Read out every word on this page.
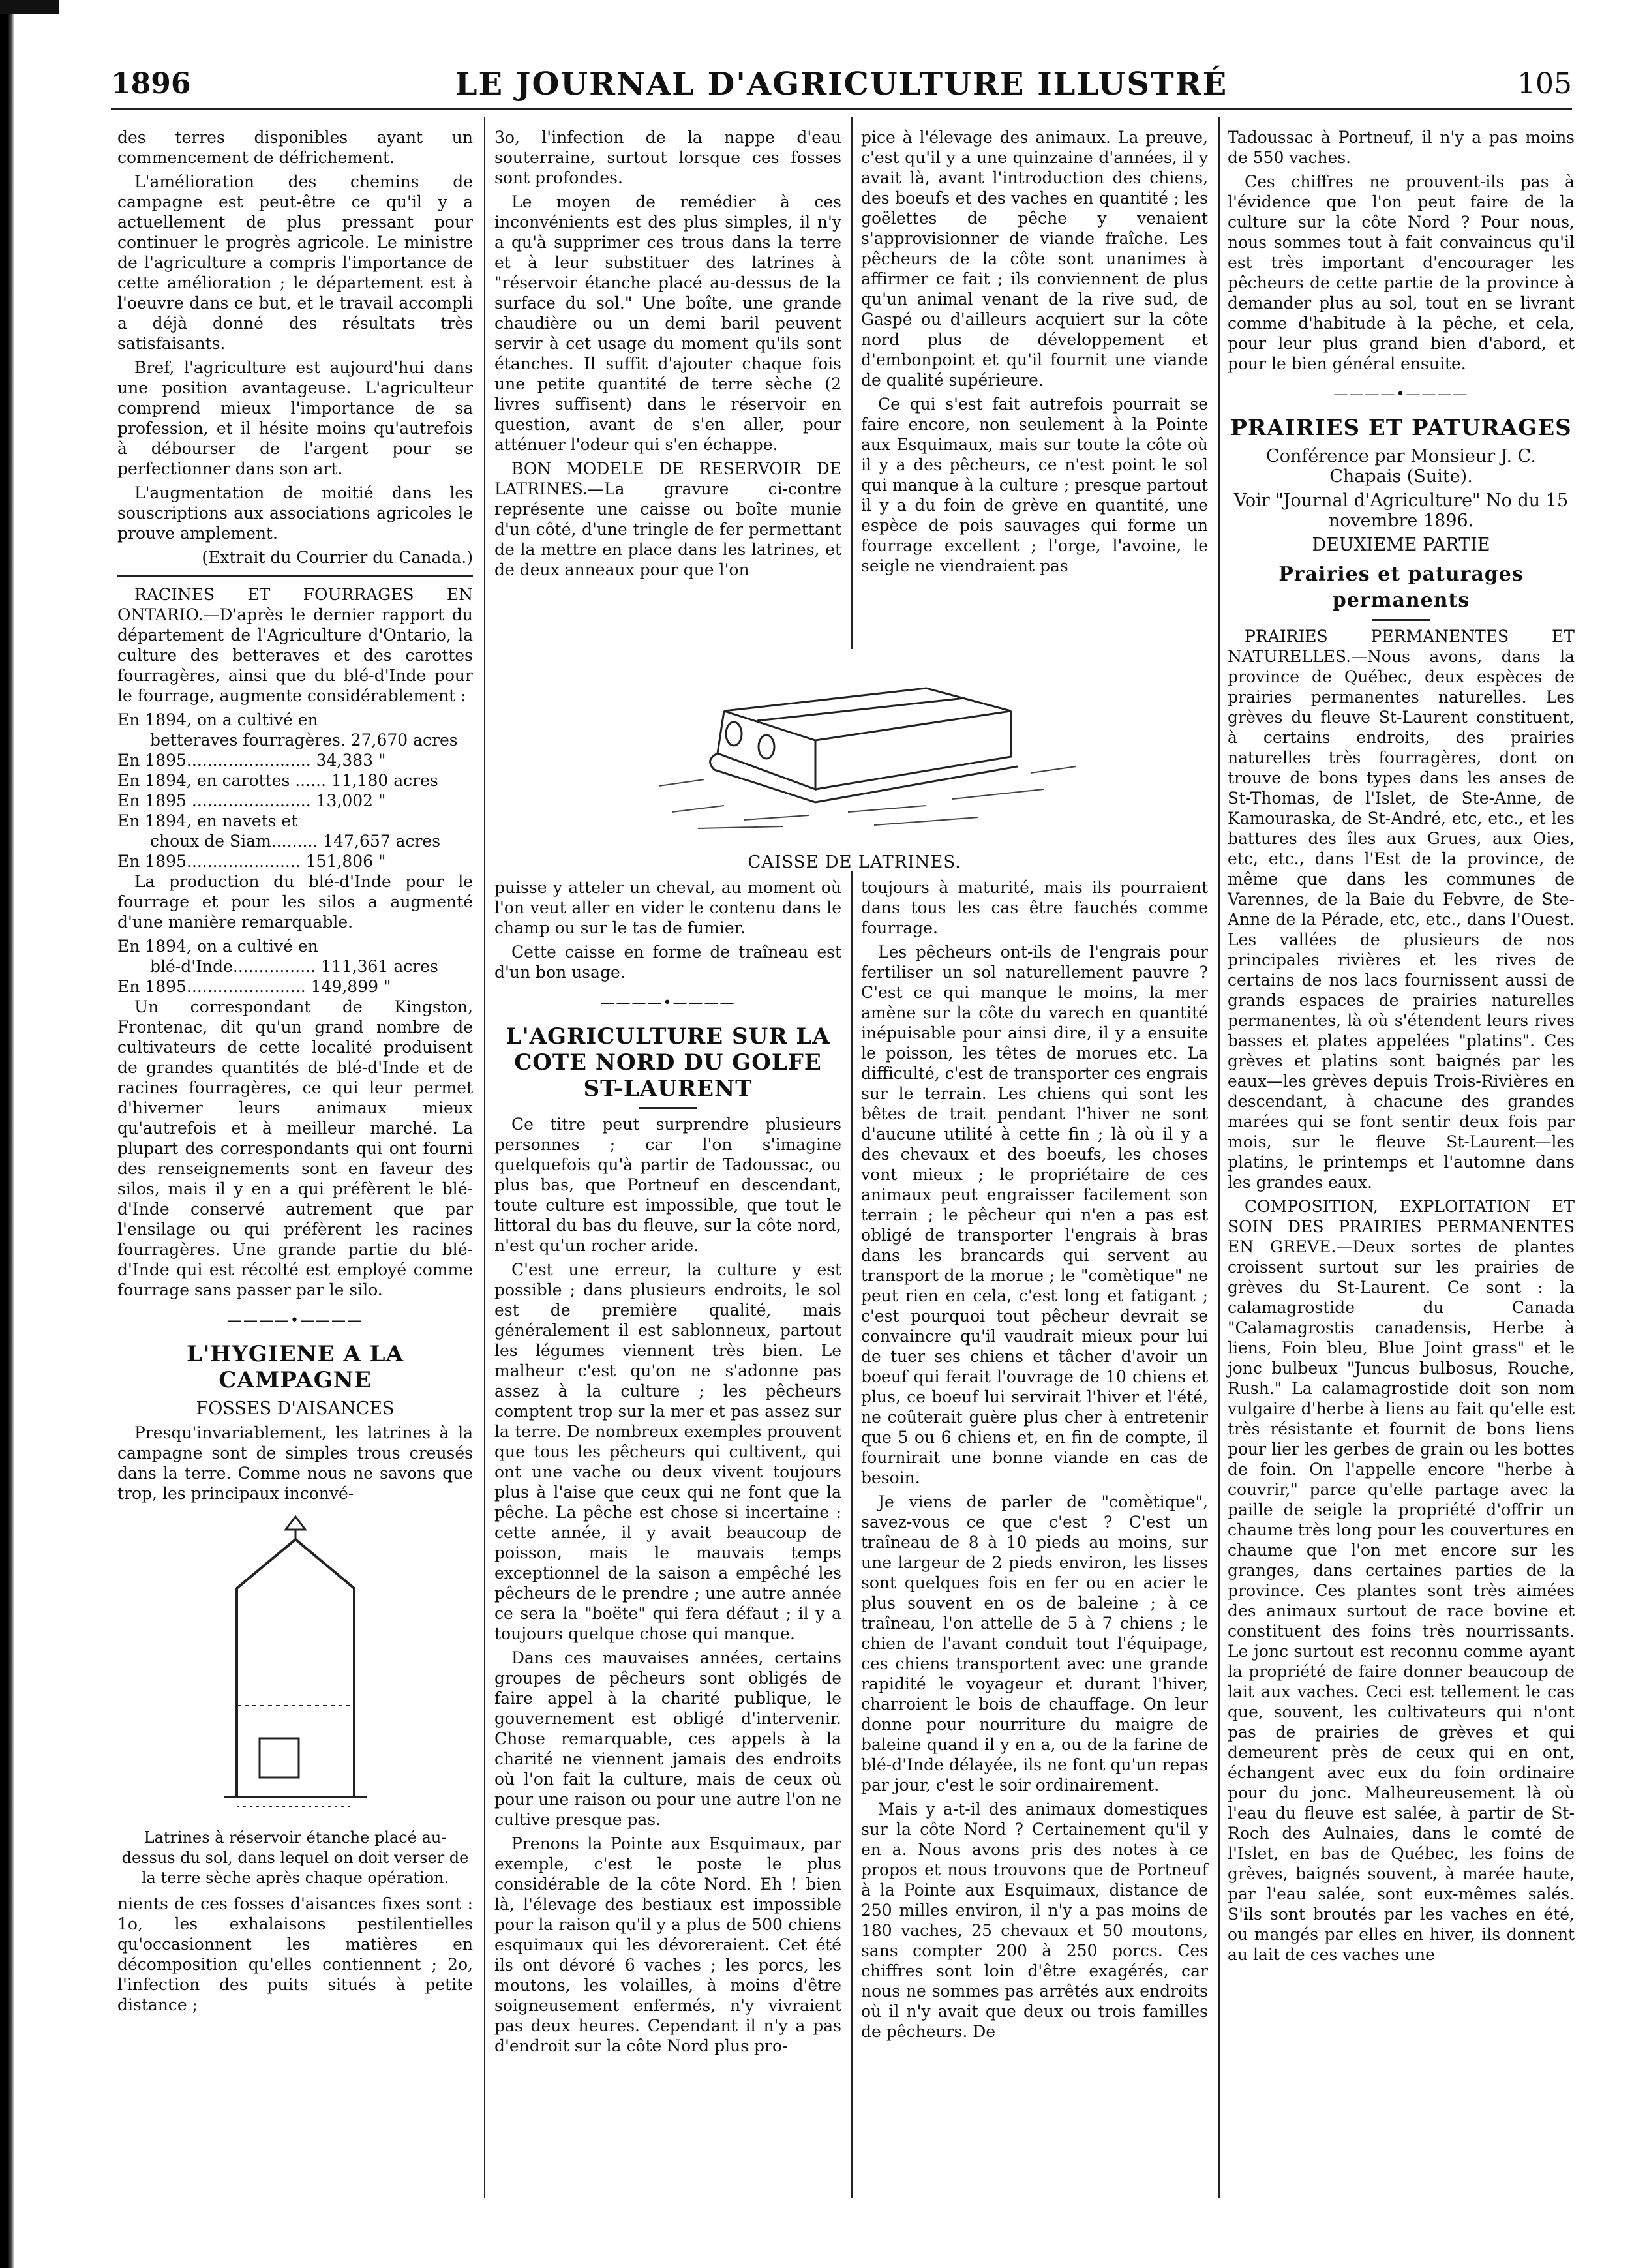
1896	LE JOURNAL D'AGRICULTURE ILLUSTRÉ	105

des terres disponibles ayant un commencement de défrichement.

L'amélioration des chemins de campagne est peut-être ce qu'il y a actuellement de plus pressant pour continuer le progrès agricole. Le ministre de l'agriculture a compris l'importance de cette amélioration ; le département est à l'oeuvre dans ce but, et le travail accompli a déjà donné des résultats très satisfaisants.

Bref, l'agriculture est aujourd'hui dans une position avantageuse. L'agriculteur comprend mieux l'importance de sa profession, et il hésite moins qu'autrefois à débourser de l'argent pour se perfectionner dans son art.

L'augmentation de moitié dans les souscriptions aux associations agricoles le prouve amplement.

(Extrait du Courrier du Canada.)

RACINES ET FOURRAGES EN ONTARIO.—D'après le dernier rapport du département de l'Agriculture d'Ontario, la culture des betteraves et des carottes fourragères, ainsi que du blé-d'Inde pour le fourrage, augmente considérablement :

En 1894, on a cultivé en
betteraves fourragères. 27,670 acres
En 1895........................ 34,383 "
En 1894, en carottes ...... 11,180 acres
En 1895 ....................... 13,002 "
En 1894, en navets et
choux de Siam......... 147,657 acres
En 1895...................... 151,806 "

La production du blé-d'Inde pour le fourrage et pour les silos a augmenté d'une manière remarquable.

En 1894, on a cultivé en
blé-d'Inde................ 111,361 acres
En 1895....................... 149,899 "

Un correspondant de Kingston, Frontenac, dit qu'un grand nombre de cultivateurs de cette localité produisent de grandes quantités de blé-d'Inde et de racines fourragères, ce qui leur permet d'hiverner leurs animaux mieux qu'autrefois et à meilleur marché. La plupart des correspondants qui ont fourni des renseignements sont en faveur des silos, mais il y en a qui préfèrent le blé-d'Inde conservé autrement que par l'ensilage ou qui préfèrent les racines fourragères. Une grande partie du blé-d'Inde qui est récolté est employé comme fourrage sans passer par le silo.

————•————
L'HYGIENE A LA CAMPAGNE
FOSSES D'AISANCES

Presqu'invariablement, les latrines à la campagne sont de simples trous creusés dans la terre. Comme nous ne savons que trop, les principaux inconvé-

Latrines à réservoir étanche placé au-dessus du sol, dans lequel on doit verser de la terre sèche après chaque opération.

nients de ces fosses d'aisances fixes sont : 1o, les exhalaisons pestilentielles qu'occasionnent les matières en décomposition qu'elles contiennent ; 2o, l'infection des puits situés à petite distance ;

3o, l'infection de la nappe d'eau souterraine, surtout lorsque ces fosses sont profondes.

Le moyen de remédier à ces inconvénients est des plus simples, il n'y a qu'à supprimer ces trous dans la terre et à leur substituer des latrines à "réservoir étanche placé au-dessus de la surface du sol." Une boîte, une grande chaudière ou un demi baril peuvent servir à cet usage du moment qu'ils sont étanches. Il suffit d'ajouter chaque fois une petite quantité de terre sèche (2 livres suffisent) dans le réservoir en question, avant de s'en aller, pour atténuer l'odeur qui s'en échappe.

BON MODELE DE RESERVOIR DE LATRINES.—La gravure ci-contre représente une caisse ou boîte munie d'un côté, d'une tringle de fer permettant de la mettre en place dans les latrines, et de deux anneaux pour que l'on

CAISSE DE LATRINES.

puisse y atteler un cheval, au moment où l'on veut aller en vider le contenu dans le champ ou sur le tas de fumier.

Cette caisse en forme de traîneau est d'un bon usage.

————•————
L'AGRICULTURE SUR LA COTE NORD DU GOLFE ST-LAURENT

Ce titre peut surprendre plusieurs personnes ; car l'on s'imagine quelquefois qu'à partir de Tadoussac, ou plus bas, que Portneuf en descendant, toute culture est impossible, que tout le littoral du bas du fleuve, sur la côte nord, n'est qu'un rocher aride.

C'est une erreur, la culture y est possible ; dans plusieurs endroits, le sol est de première qualité, mais généralement il est sablonneux, partout les légumes viennent très bien. Le malheur c'est qu'on ne s'adonne pas assez à la culture ; les pêcheurs comptent trop sur la mer et pas assez sur la terre. De nombreux exemples prouvent que tous les pêcheurs qui cultivent, qui ont une vache ou deux vivent toujours plus à l'aise que ceux qui ne font que la pêche. La pêche est chose si incertaine : cette année, il y avait beaucoup de poisson, mais le mauvais temps exceptionnel de la saison a empêché les pêcheurs de le prendre ; une autre année ce sera la "boëte" qui fera défaut ; il y a toujours quelque chose qui manque.

Dans ces mauvaises années, certains groupes de pêcheurs sont obligés de faire appel à la charité publique, le gouvernement est obligé d'intervenir. Chose remarquable, ces appels à la charité ne viennent jamais des endroits où l'on fait la culture, mais de ceux où pour une raison ou pour une autre l'on ne cultive presque pas.

Prenons la Pointe aux Esquimaux, par exemple, c'est le poste le plus considérable de la côte Nord. Eh ! bien là, l'élevage des bestiaux est impossible pour la raison qu'il y a plus de 500 chiens esquimaux qui les dévoreraient. Cet été ils ont dévoré 6 vaches ; les porcs, les moutons, les volailles, à moins d'être soigneusement enfermés, n'y vivraient pas deux heures. Cependant il n'y a pas d'endroit sur la côte Nord plus pro-

pice à l'élevage des animaux. La preuve, c'est qu'il y a une quinzaine d'années, il y avait là, avant l'introduction des chiens, des boeufs et des vaches en quantité ; les goëlettes de pêche y venaient s'approvisionner de viande fraîche. Les pêcheurs de la côte sont unanimes à affirmer ce fait ; ils conviennent de plus qu'un animal venant de la rive sud, de Gaspé ou d'ailleurs acquiert sur la côte nord plus de développement et d'embonpoint et qu'il fournit une viande de qualité supérieure.

Ce qui s'est fait autrefois pourrait se faire encore, non seulement à la Pointe aux Esquimaux, mais sur toute la côte où il y a des pêcheurs, ce n'est point le sol qui manque à la culture ; presque partout il y a du foin de grève en quantité, une espèce de pois sauvages qui forme un fourrage excellent ; l'orge, l'avoine, le seigle ne viendraient pas

toujours à maturité, mais ils pourraient dans tous les cas être fauchés comme fourrage.

Les pêcheurs ont-ils de l'engrais pour fertiliser un sol naturellement pauvre ? C'est ce qui manque le moins, la mer amène sur la côte du varech en quantité inépuisable pour ainsi dire, il y a ensuite le poisson, les têtes de morues etc. La difficulté, c'est de transporter ces engrais sur le terrain. Les chiens qui sont les bêtes de trait pendant l'hiver ne sont d'aucune utilité à cette fin ; là où il y a des chevaux et des boeufs, les choses vont mieux ; le propriétaire de ces animaux peut engraisser facilement son terrain ; le pêcheur qui n'en a pas est obligé de transporter l'engrais à bras dans les brancards qui servent au transport de la morue ; le "comètique" ne peut rien en cela, c'est long et fatigant ; c'est pourquoi tout pêcheur devrait se convaincre qu'il vaudrait mieux pour lui de tuer ses chiens et tâcher d'avoir un boeuf qui ferait l'ouvrage de 10 chiens et plus, ce boeuf lui servirait l'hiver et l'été, ne coûterait guère plus cher à entretenir que 5 ou 6 chiens et, en fin de compte, il fournirait une bonne viande en cas de besoin.

Je viens de parler de "comètique", savez-vous ce que c'est ? C'est un traîneau de 8 à 10 pieds au moins, sur une largeur de 2 pieds environ, les lisses sont quelques fois en fer ou en acier le plus souvent en os de baleine ; à ce traîneau, l'on attelle de 5 à 7 chiens ; le chien de l'avant conduit tout l'équipage, ces chiens transportent avec une grande rapidité le voyageur et durant l'hiver, charroient le bois de chauffage. On leur donne pour nourriture du maigre de baleine quand il y en a, ou de la farine de blé-d'Inde délayée, ils ne font qu'un repas par jour, c'est le soir ordinairement.

Mais y a-t-il des animaux domestiques sur la côte Nord ? Certainement qu'il y en a. Nous avons pris des notes à ce propos et nous trouvons que de Portneuf à la Pointe aux Esquimaux, distance de 250 milles environ, il n'y a pas moins de 180 vaches, 25 chevaux et 50 moutons, sans compter 200 à 250 porcs. Ces chiffres sont loin d'être exagérés, car nous ne sommes pas arrêtés aux endroits où il n'y avait que deux ou trois familles de pêcheurs. De

Tadoussac à Portneuf, il n'y a pas moins de 550 vaches.

Ces chiffres ne prouvent-ils pas à l'évidence que l'on peut faire de la culture sur la côte Nord ? Pour nous, nous sommes tout à fait convaincus qu'il est très important d'encourager les pêcheurs de cette partie de la province à demander plus au sol, tout en se livrant comme d'habitude à la pêche, et cela, pour leur plus grand bien d'abord, et pour le bien général ensuite.

————•————
PRAIRIES ET PATURAGES
Conférence par Monsieur J. C. Chapais (Suite).
Voir "Journal d'Agriculture" No du 15 novembre 1896.
DEUXIEME PARTIE
Prairies et paturages permanents

PRAIRIES PERMANENTES ET NATURELLES.—Nous avons, dans la province de Québec, deux espèces de prairies permanentes naturelles. Les grèves du fleuve St-Laurent constituent, à certains endroits, des prairies naturelles très fourragères, dont on trouve de bons types dans les anses de St-Thomas, de l'Islet, de Ste-Anne, de Kamouraska, de St-André, etc, etc., et les battures des îles aux Grues, aux Oies, etc, etc., dans l'Est de la province, de même que dans les communes de Varennes, de la Baie du Febvre, de Ste-Anne de la Pérade, etc, etc., dans l'Ouest. Les vallées de plusieurs de nos principales rivières et les rives de certains de nos lacs fournissent aussi de grands espaces de prairies naturelles permanentes, là où s'étendent leurs rives basses et plates appelées "platins". Ces grèves et platins sont baignés par les eaux—les grèves depuis Trois-Rivières en descendant, à chacune des grandes marées qui se font sentir deux fois par mois, sur le fleuve St-Laurent—les platins, le printemps et l'automne dans les grandes eaux.

COMPOSITION, EXPLOITATION ET SOIN DES PRAIRIES PERMANENTES EN GREVE.—Deux sortes de plantes croissent surtout sur les prairies de grèves du St-Laurent. Ce sont : la calamagrostide du Canada "Calamagrostis canadensis, Herbe à liens, Foin bleu, Blue Joint grass" et le jonc bulbeux "Juncus bulbosus, Rouche, Rush." La calamagrostide doit son nom vulgaire d'herbe à liens au fait qu'elle est très résistante et fournit de bons liens pour lier les gerbes de grain ou les bottes de foin. On l'appelle encore "herbe à couvrir," parce qu'elle partage avec la paille de seigle la propriété d'offrir un chaume très long pour les couvertures en chaume que l'on met encore sur les granges, dans certaines parties de la province. Ces plantes sont très aimées des animaux surtout de race bovine et constituent des foins très nourrissants. Le jonc surtout est reconnu comme ayant la propriété de faire donner beaucoup de lait aux vaches. Ceci est tellement le cas que, souvent, les cultivateurs qui n'ont pas de prairies de grèves et qui demeurent près de ceux qui en ont, échangent avec eux du foin ordinaire pour du jonc. Malheureusement là où l'eau du fleuve est salée, à partir de St-Roch des Aulnaies, dans le comté de l'Islet, en bas de Québec, les foins de grèves, baignés souvent, à marée haute, par l'eau salée, sont eux-mêmes salés. S'ils sont broutés par les vaches en été, ou mangés par elles en hiver, ils donnent au lait de ces vaches une
